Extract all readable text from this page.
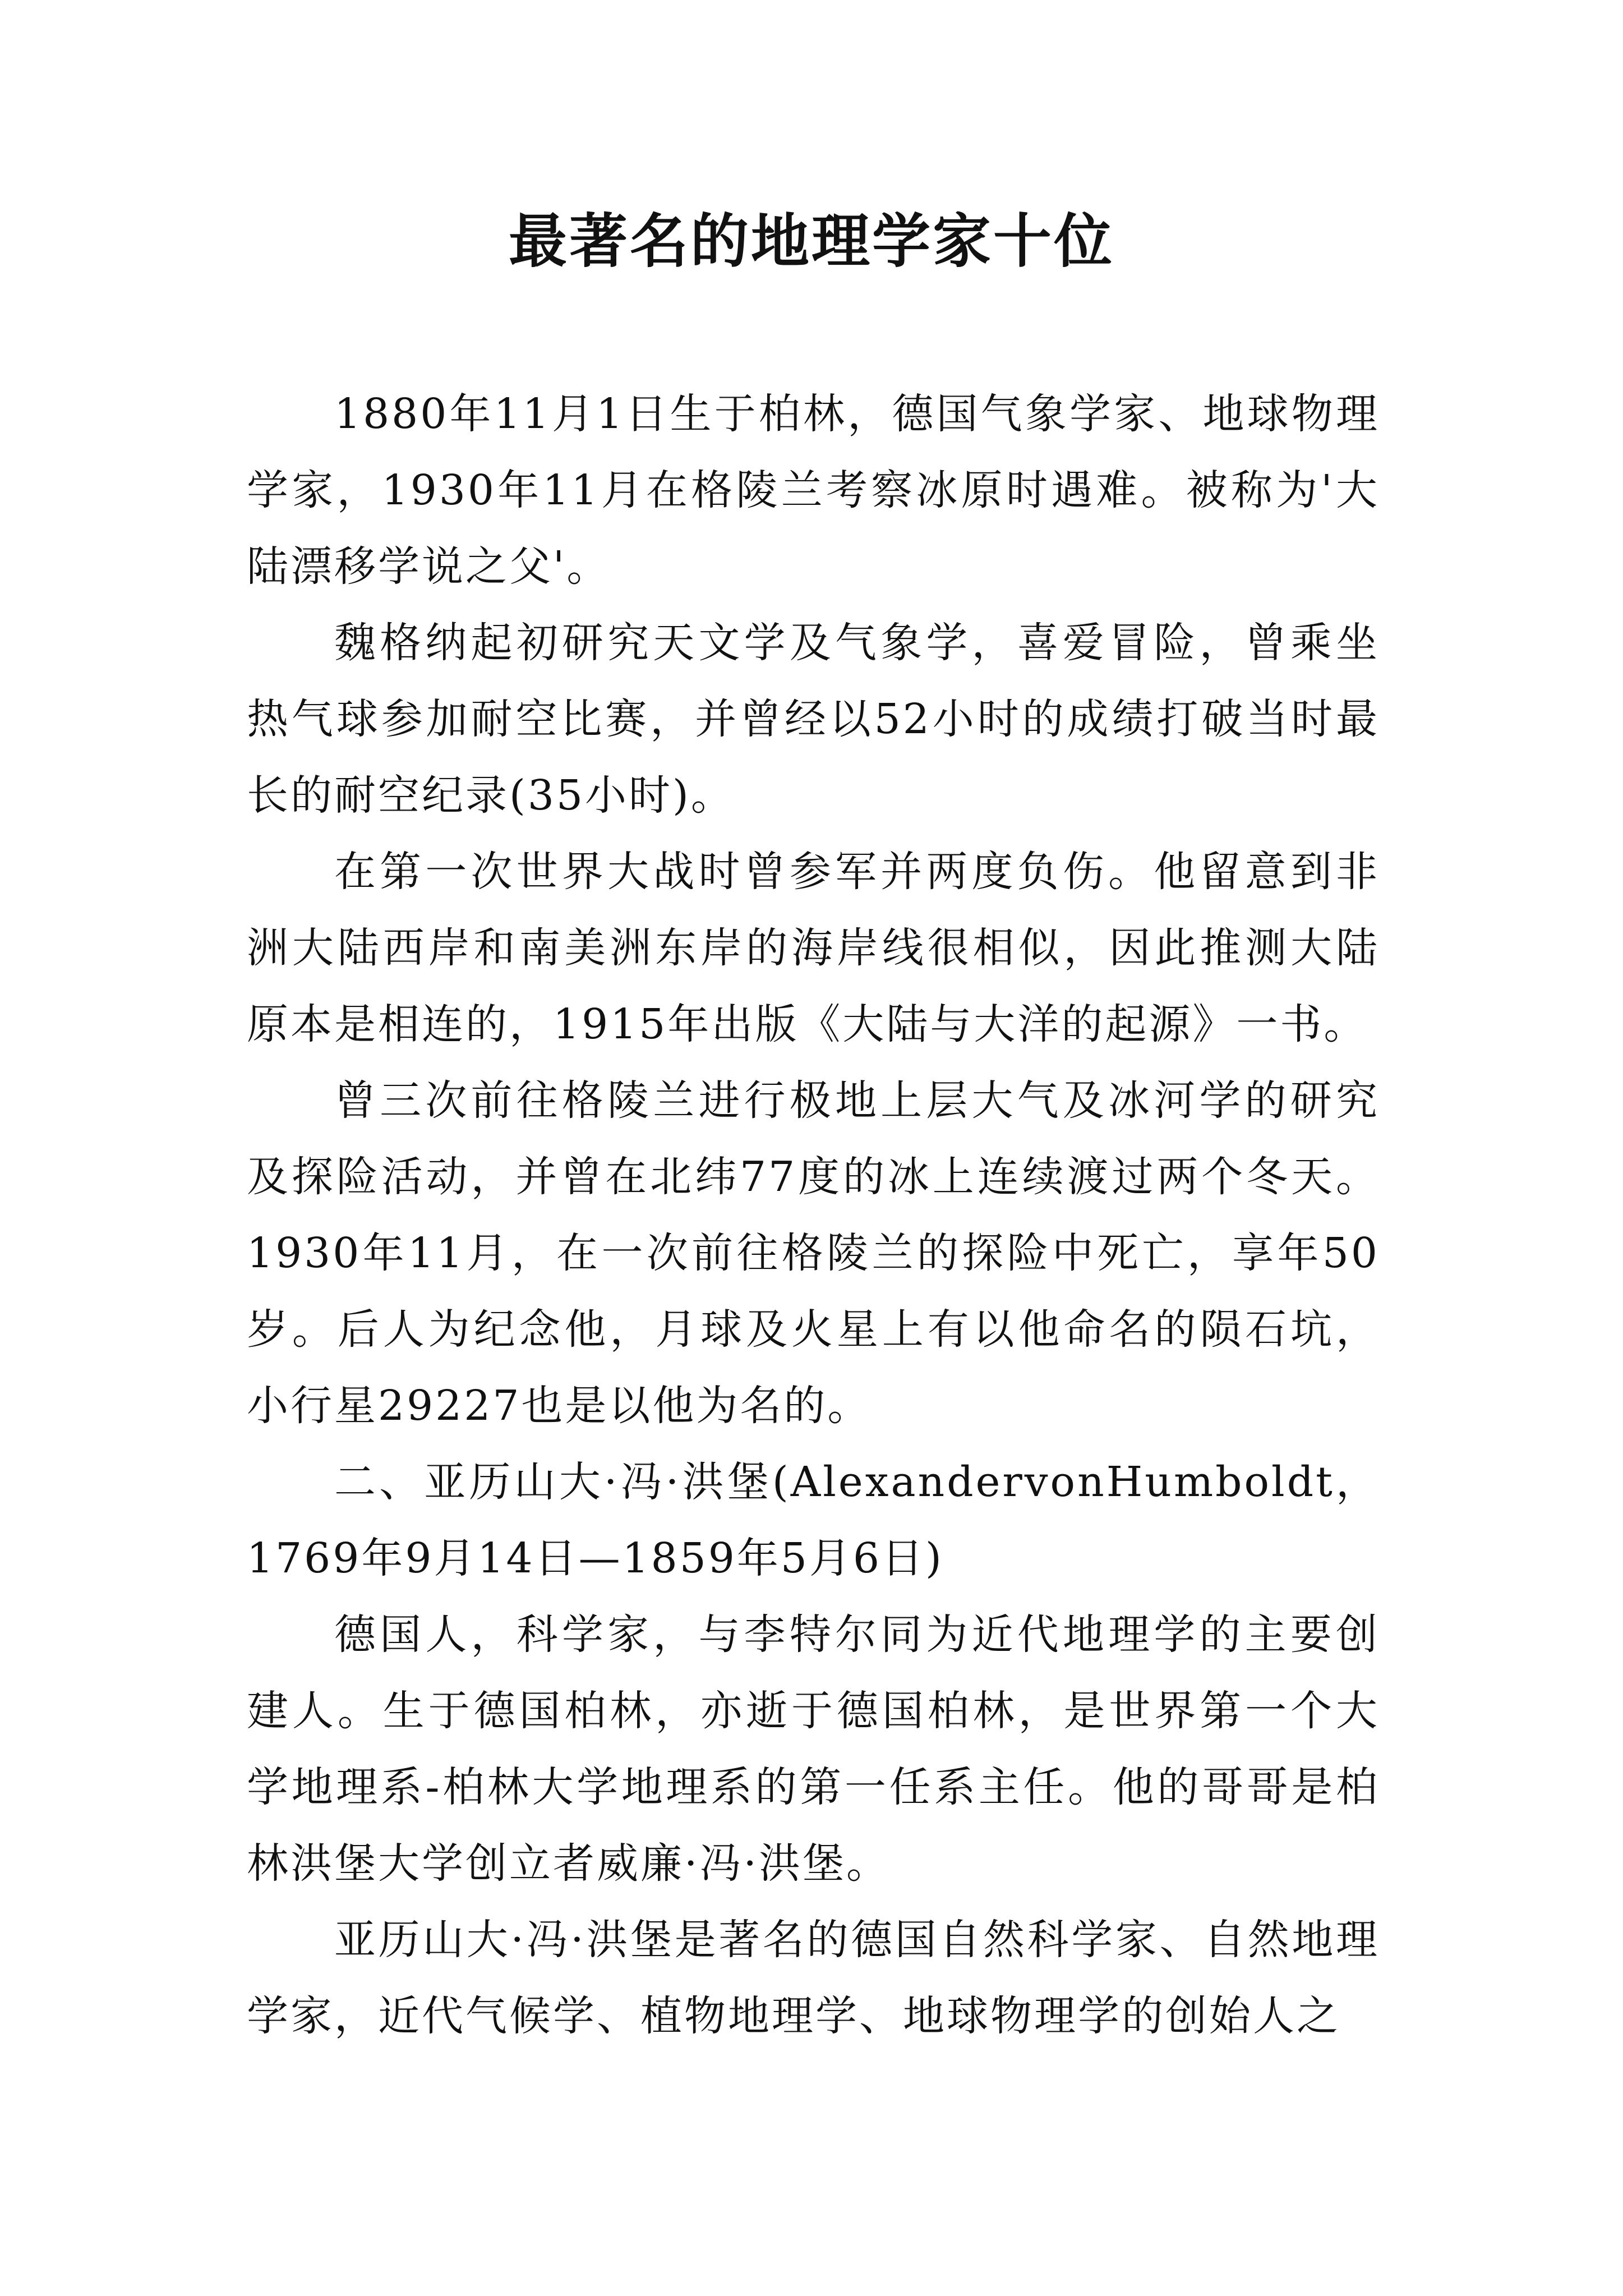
最著名的地理学家十位

1880年11月1日生于柏林，德国气象学家、地球物理学家，1930年11月在格陵兰考察冰原时遇难。被称为'大陆漂移学说之父'。

魏格纳起初研究天文学及气象学，喜爱冒险，曾乘坐热气球参加耐空比赛，并曾经以52小时的成绩打破当时最长的耐空纪录(35小时)。

在第一次世界大战时曾参军并两度负伤。他留意到非洲大陆西岸和南美洲东岸的海岸线很相似，因此推测大陆原本是相连的，1915年出版《大陆与大洋的起源》一书。

曾三次前往格陵兰进行极地上层大气及冰河学的研究及探险活动，并曾在北纬77度的冰上连续渡过两个冬天。1930年11月，在一次前往格陵兰的探险中死亡，享年50岁。后人为纪念他，月球及火星上有以他命名的陨石坑，小行星29227也是以他为名的。

二、亚历山大·冯·洪堡(AlexandervonHumboldt，1769年9月14日—1859年5月6日)

德国人，科学家，与李特尔同为近代地理学的主要创建人。生于德国柏林，亦逝于德国柏林，是世界第一个大学地理系-柏林大学地理系的第一任系主任。他的哥哥是柏林洪堡大学创立者威廉·冯·洪堡。

亚历山大·冯·洪堡是著名的德国自然科学家、自然地理学家，近代气候学、植物地理学、地球物理学的创始人之
